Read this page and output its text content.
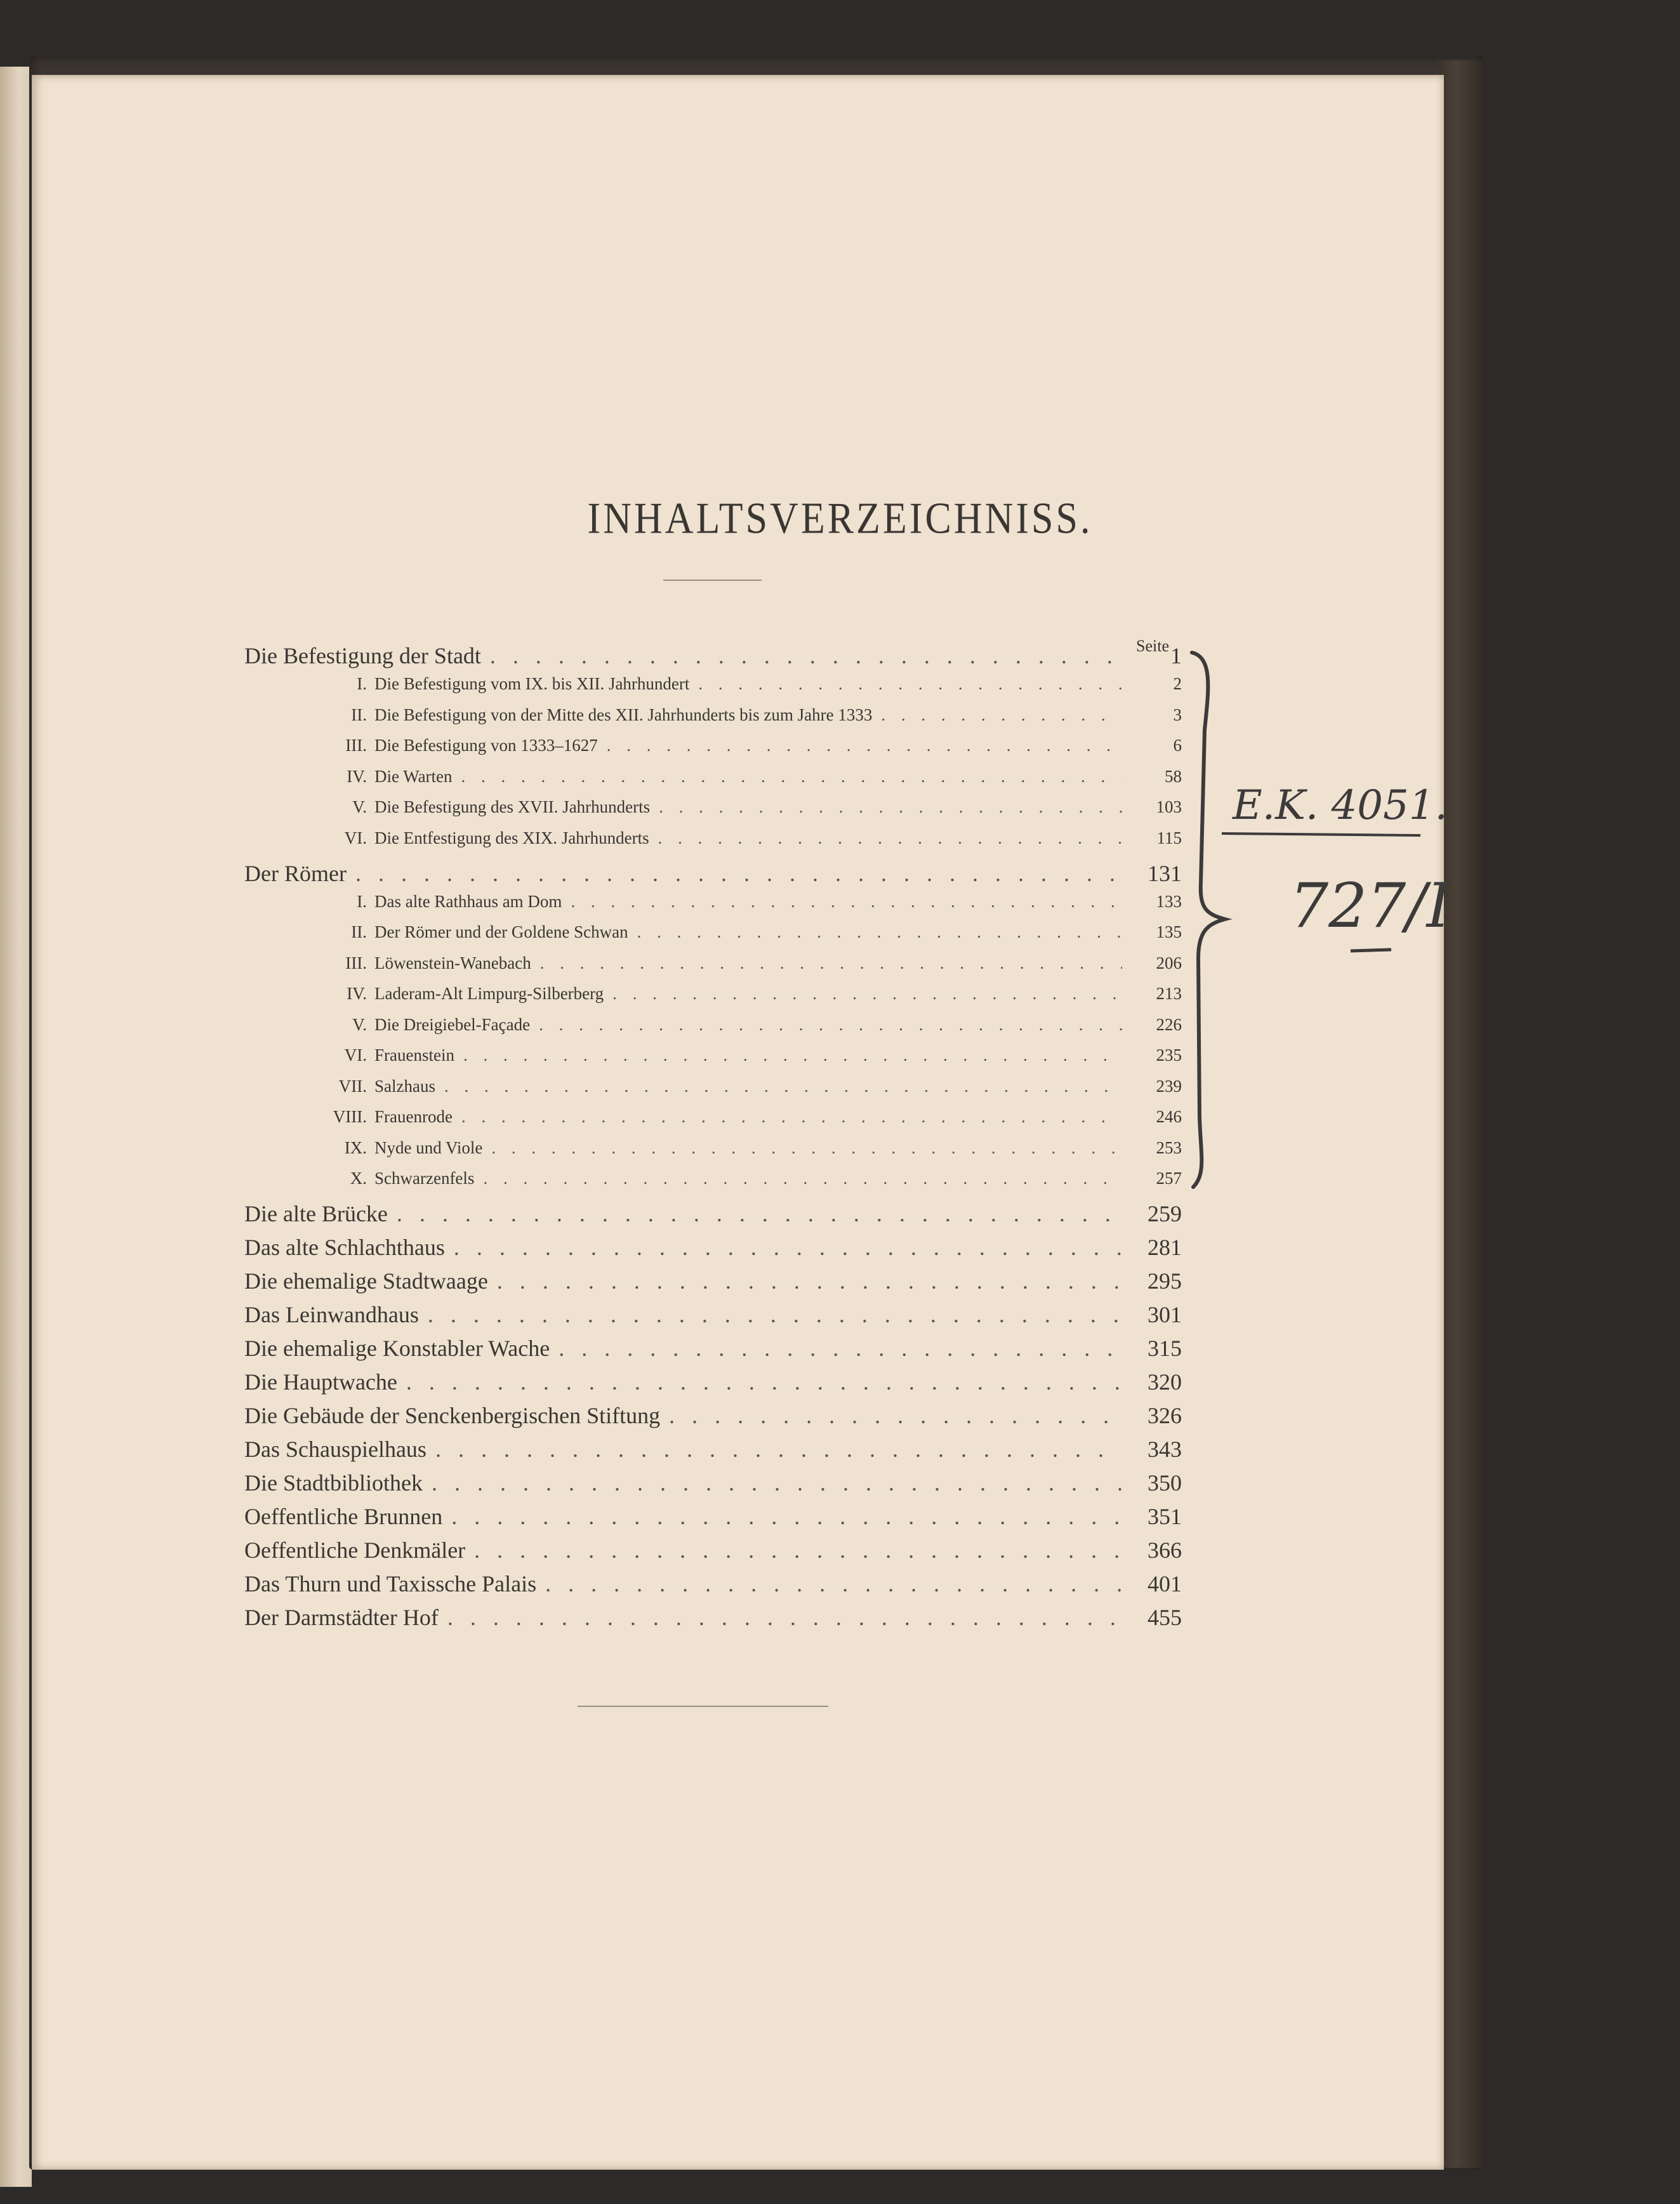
INHALTSVERZEICHNISS.
Seite
Die Befestigung der Stadt . . .	1
I. Die Befestigung vom IX. bis XII. Jahrhundert . . .	2
II. Die Befestigung von der Mitte des XII. Jahrhunderts bis zum Jahre 1333 . . .	3
III. Die Befestigung von 1333–1627 . . .	6
IV. Die Warten . . .	58
V. Die Befestigung des XVII. Jahrhunderts . . .	103
VI. Die Entfestigung des XIX. Jahrhunderts . . .	115
Der Römer . . .	131
I. Das alte Rathhaus am Dom . . .	133
II. Der Römer und der Goldene Schwan . . .	135
III. Löwenstein-Wanebach . . .	206
IV. Laderam-Alt Limpurg-Silberberg . . .	213
V. Die Dreigiebel-Façade . . .	226
VI. Frauenstein . . .	235
VII. Salzhaus . . .	239
VIII. Frauenrode . . .	246
IX. Nyde und Viole . . .	253
X. Schwarzenfels . . .	257
Die alte Brücke . . .	259
Das alte Schlachthaus . . .	281
Die ehemalige Stadtwaage . . .	295
Das Leinwandhaus . . .	301
Die ehemalige Konstabler Wache . . .	315
Die Hauptwache . . .	320
Die Gebäude der Senckenbergischen Stiftung . . .	326
Das Schauspielhaus . . .	343
Die Stadtbibliothek . . .	350
Oeffentliche Brunnen . . .	351
Oeffentliche Denkmäler . . .	366
Das Thurn und Taxissche Palais . . .	401
Der Darmstädter Hof . . .	455
E.K. 4051.
727/I
